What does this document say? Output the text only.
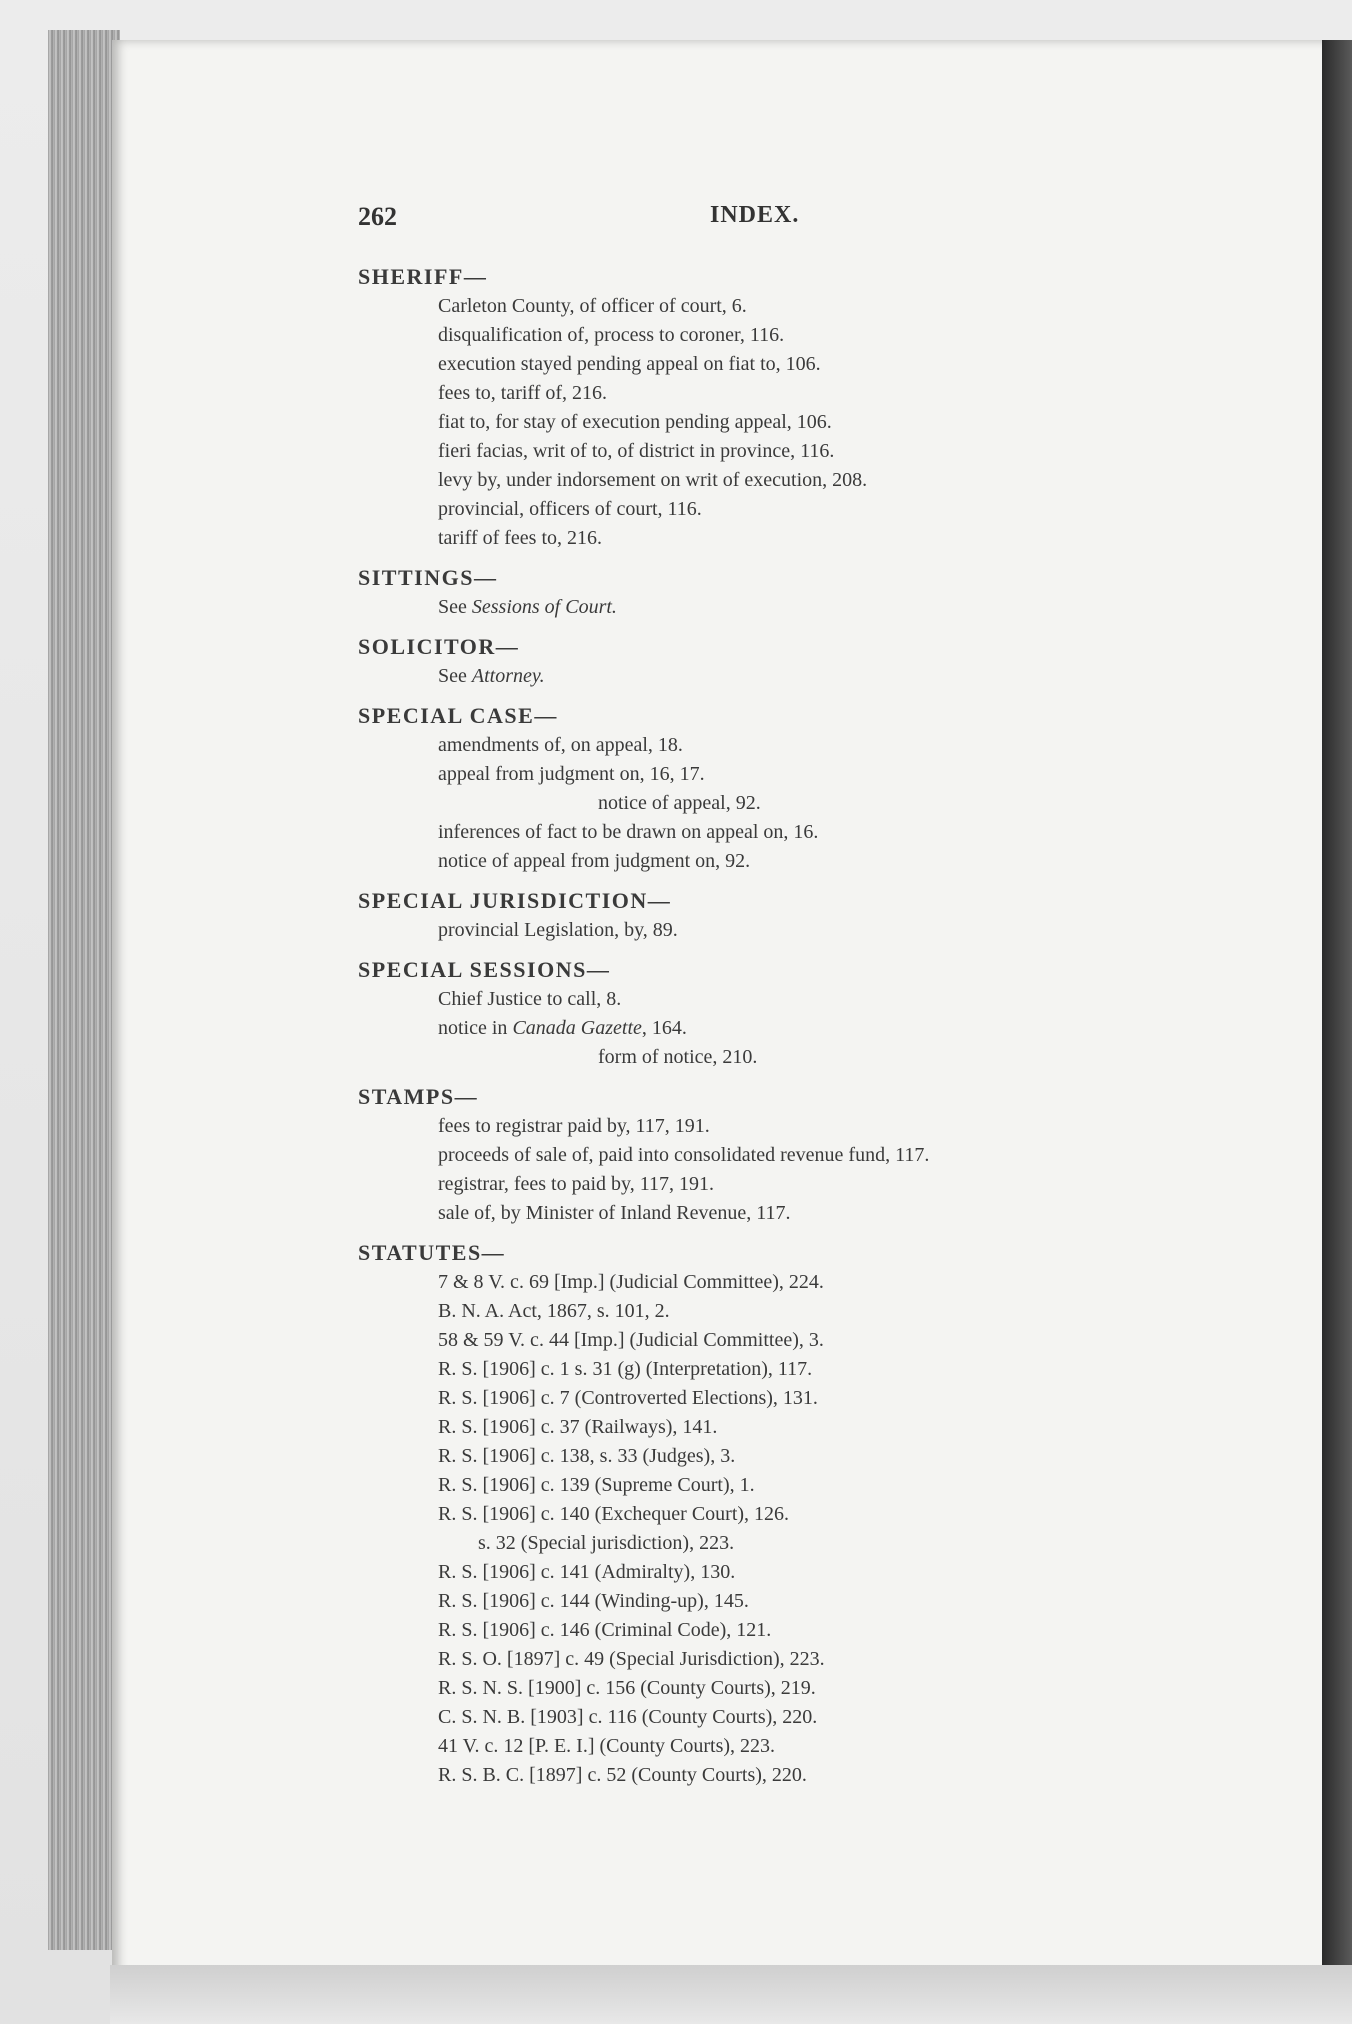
262	INDEX.
SHERIFF—
Carleton County, of officer of court, 6.
disqualification of, process to coroner, 116.
execution stayed pending appeal on fiat to, 106.
fees to, tariff of, 216.
fiat to, for stay of execution pending appeal, 106.
fieri facias, writ of to, of district in province, 116.
levy by, under indorsement on writ of execution, 208.
provincial, officers of court, 116.
tariff of fees to, 216.
SITTINGS—
See Sessions of Court.
SOLICITOR—
See Attorney.
SPECIAL CASE—
amendments of, on appeal, 18.
appeal from judgment on, 16, 17.
notice of appeal, 92.
inferences of fact to be drawn on appeal on, 16.
notice of appeal from judgment on, 92.
SPECIAL JURISDICTION—
provincial Legislation, by, 89.
SPECIAL SESSIONS—
Chief Justice to call, 8.
notice in Canada Gazette, 164.
form of notice, 210.
STAMPS—
fees to registrar paid by, 117, 191.
proceeds of sale of, paid into consolidated revenue fund, 117.
registrar, fees to paid by, 117, 191.
sale of, by Minister of Inland Revenue, 117.
STATUTES—
7 & 8 V. c. 69 [Imp.] (Judicial Committee), 224.
B. N. A. Act, 1867, s. 101, 2.
58 & 59 V. c. 44 [Imp.] (Judicial Committee), 3.
R. S. [1906] c. 1 s. 31 (g) (Interpretation), 117.
R. S. [1906] c. 7 (Controverted Elections), 131.
R. S. [1906] c. 37 (Railways), 141.
R. S. [1906] c. 138, s. 33 (Judges), 3.
R. S. [1906] c. 139 (Supreme Court), 1.
R. S. [1906] c. 140 (Exchequer Court), 126.
s. 32 (Special jurisdiction), 223.
R. S. [1906] c. 141 (Admiralty), 130.
R. S. [1906] c. 144 (Winding-up), 145.
R. S. [1906] c. 146 (Criminal Code), 121.
R. S. O. [1897] c. 49 (Special Jurisdiction), 223.
R. S. N. S. [1900] c. 156 (County Courts), 219.
C. S. N. B. [1903] c. 116 (County Courts), 220.
41 V. c. 12 [P. E. I.] (County Courts), 223.
R. S. B. C. [1897] c. 52 (County Courts), 220.
